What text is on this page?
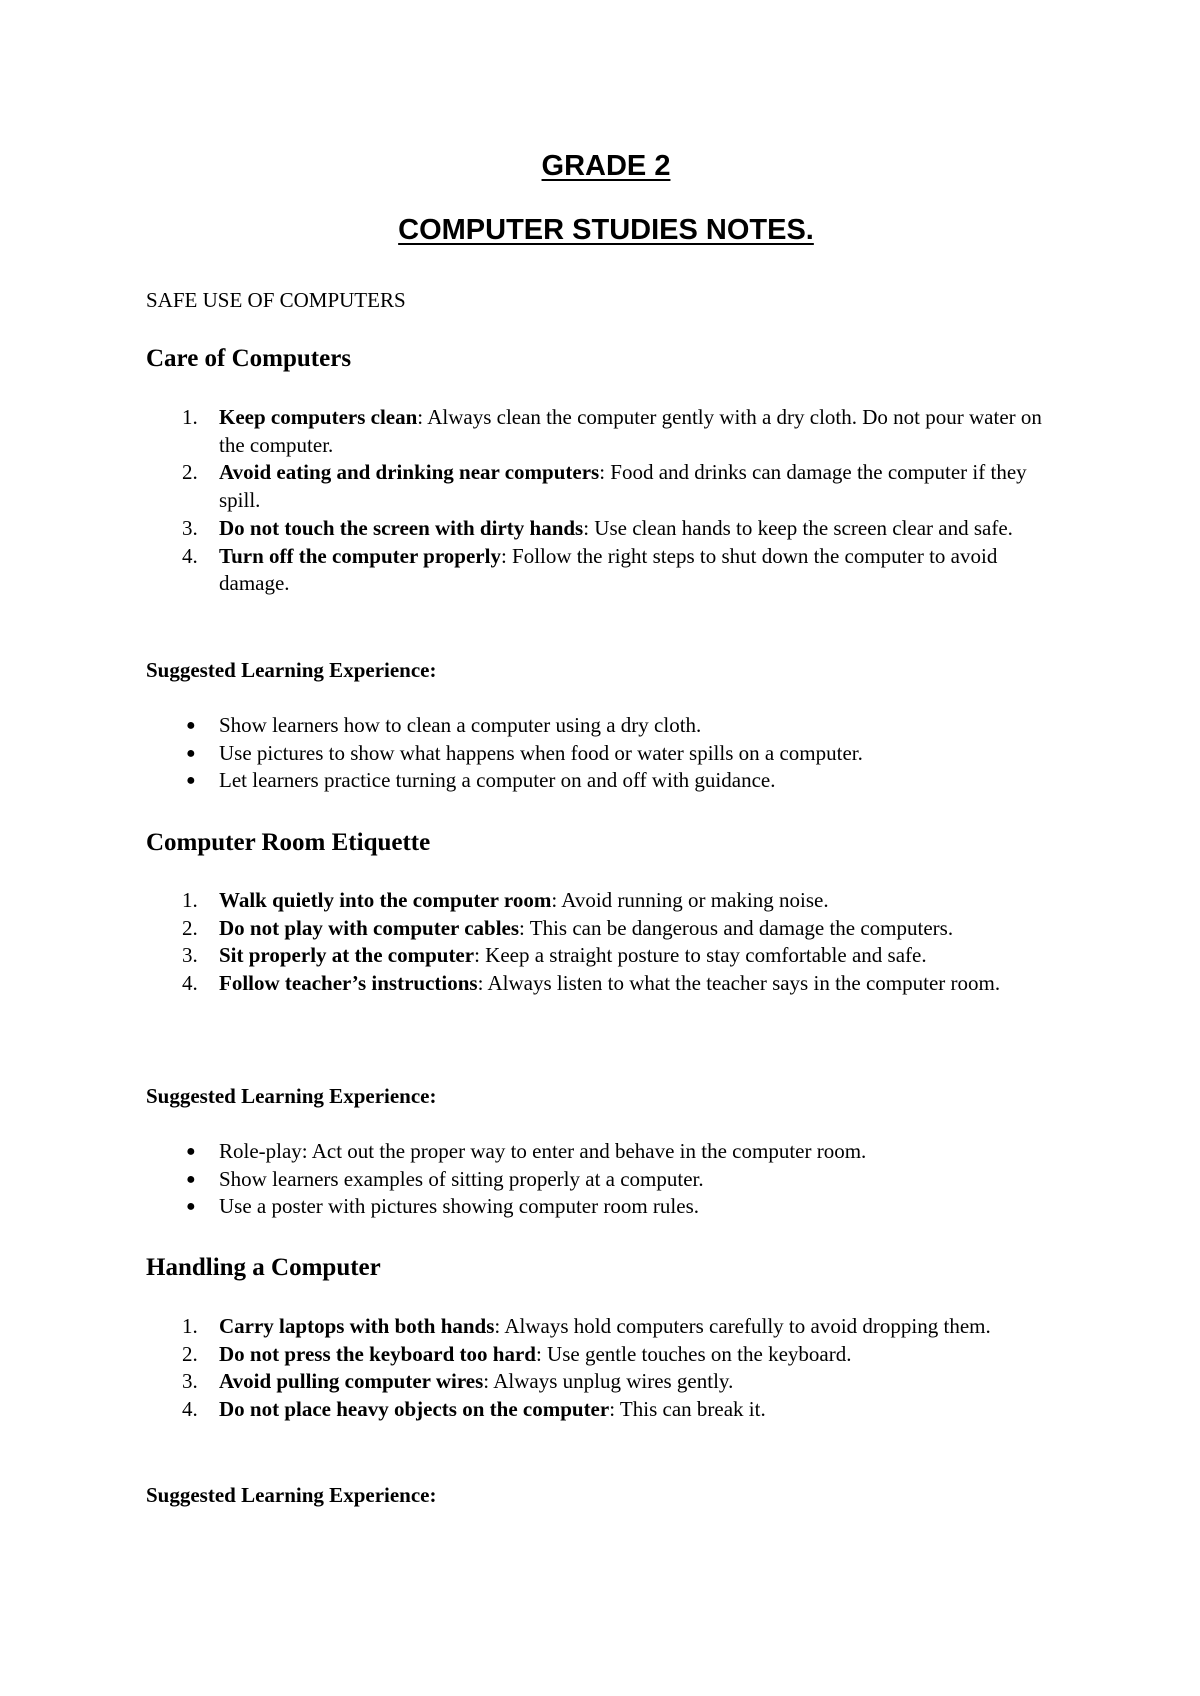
GRADE 2

COMPUTER STUDIES NOTES.

SAFE USE OF COMPUTERS

Care of Computers
1. Keep computers clean: Always clean the computer gently with a dry cloth. Do not pour water on the computer.
2. Avoid eating and drinking near computers: Food and drinks can damage the computer if they spill.
3. Do not touch the screen with dirty hands: Use clean hands to keep the screen clear and safe.
4. Turn off the computer properly: Follow the right steps to shut down the computer to avoid damage.

Suggested Learning Experience:

● Show learners how to clean a computer using a dry cloth.
● Use pictures to show what happens when food or water spills on a computer.
● Let learners practice turning a computer on and off with guidance.
Computer Room Etiquette
1. Walk quietly into the computer room: Avoid running or making noise.
2. Do not play with computer cables: This can be dangerous and damage the computers.
3. Sit properly at the computer: Keep a straight posture to stay comfortable and safe.
4. Follow teacher’s instructions: Always listen to what the teacher says in the computer room.

Suggested Learning Experience:

● Role-play: Act out the proper way to enter and behave in the computer room.
● Show learners examples of sitting properly at a computer.
● Use a poster with pictures showing computer room rules.
Handling a Computer
1. Carry laptops with both hands: Always hold computers carefully to avoid dropping them.
2. Do not press the keyboard too hard: Use gentle touches on the keyboard.
3. Avoid pulling computer wires: Always unplug wires gently.
4. Do not place heavy objects on the computer: This can break it.

Suggested Learning Experience:
